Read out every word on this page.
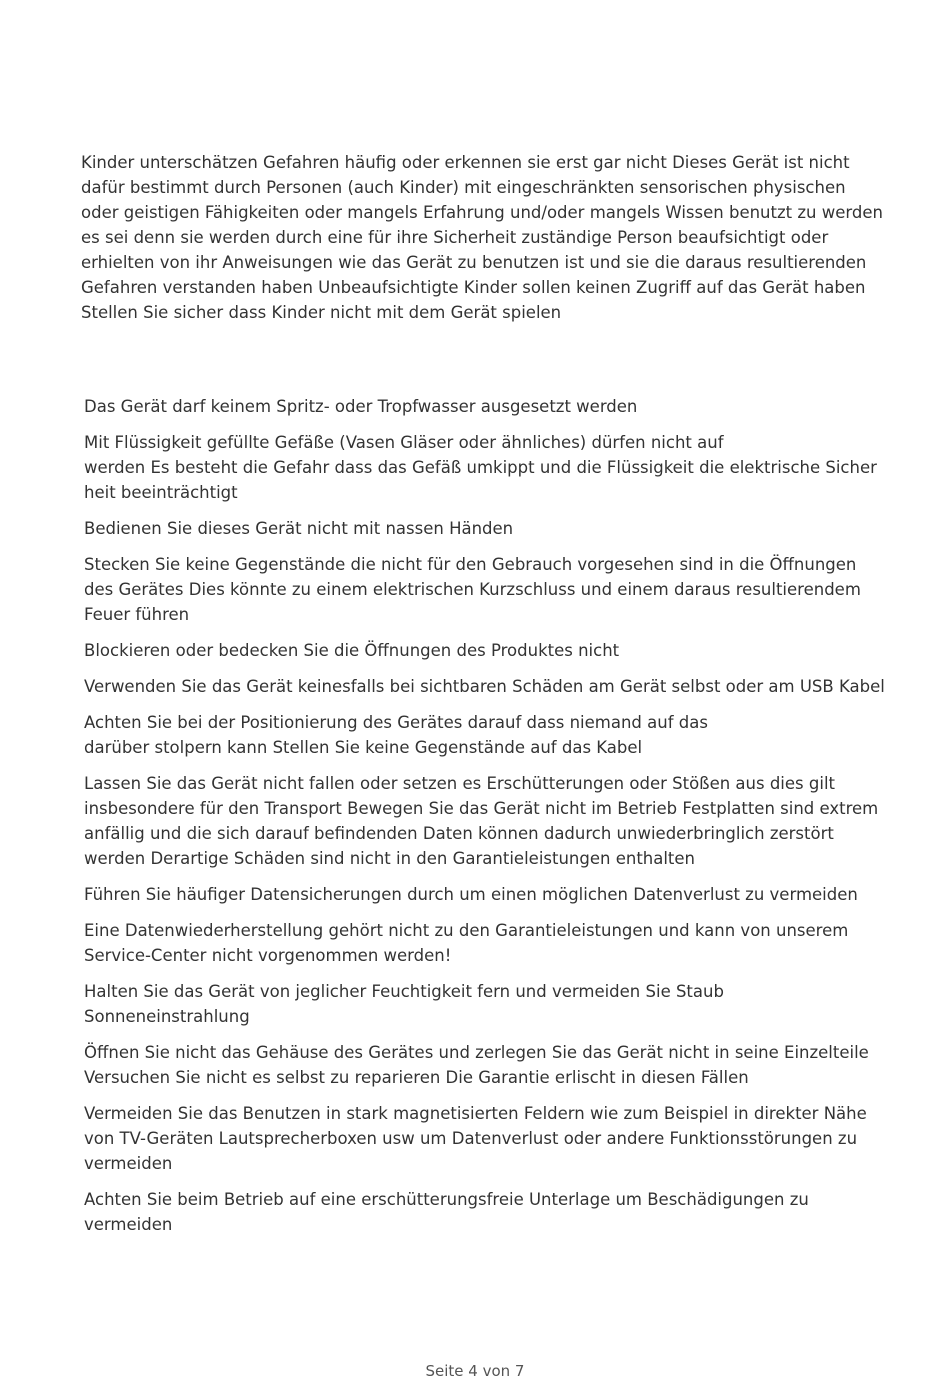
Kinder unterschätzen Gefahren häufig oder erkennen sie erst gar nicht Dieses Gerät ist nicht
dafür bestimmt durch Personen (auch Kinder) mit eingeschränkten sensorischen physischen
oder geistigen Fähigkeiten oder mangels Erfahrung und/oder mangels Wissen benutzt zu werden
es sei denn sie werden durch eine für ihre Sicherheit zuständige Person beaufsichtigt oder
erhielten von ihr Anweisungen wie das Gerät zu benutzen ist und sie die daraus resultierenden
Gefahren verstanden haben Unbeaufsichtigte Kinder sollen keinen Zugriff auf das Gerät haben
Stellen Sie sicher dass Kinder nicht mit dem Gerät spielen
Das Gerät darf keinem Spritz- oder Tropfwasser ausgesetzt werden
Mit Flüssigkeit gefüllte Gefäße (Vasen Gläser oder ähnliches) dürfen nicht auf
werden Es besteht die Gefahr dass das Gefäß umkippt und die Flüssigkeit die elektrische Sicher
heit beeinträchtigt
Bedienen Sie dieses Gerät nicht mit nassen Händen
Stecken Sie keine Gegenstände die nicht für den Gebrauch vorgesehen sind in die Öffnungen
des Gerätes Dies könnte zu einem elektrischen Kurzschluss und einem daraus resultierendem
Feuer führen
Blockieren oder bedecken Sie die Öffnungen des Produktes nicht
Verwenden Sie das Gerät keinesfalls bei sichtbaren Schäden am Gerät selbst oder am USB Kabel
Achten Sie bei der Positionierung des Gerätes darauf dass niemand auf das
darüber stolpern kann Stellen Sie keine Gegenstände auf das Kabel
Lassen Sie das Gerät nicht fallen oder setzen es Erschütterungen oder Stößen aus dies gilt
insbesondere für den Transport Bewegen Sie das Gerät nicht im Betrieb Festplatten sind extrem
anfällig und die sich darauf befindenden Daten können dadurch unwiederbringlich zerstört
werden Derartige Schäden sind nicht in den Garantieleistungen enthalten
Führen Sie häufiger Datensicherungen durch um einen möglichen Datenverlust zu vermeiden
Eine Datenwiederherstellung gehört nicht zu den Garantieleistungen und kann von unserem
Service-Center nicht vorgenommen werden!
Halten Sie das Gerät von jeglicher Feuchtigkeit fern und vermeiden Sie Staub
Sonneneinstrahlung
Öffnen Sie nicht das Gehäuse des Gerätes und zerlegen Sie das Gerät nicht in seine Einzelteile
Versuchen Sie nicht es selbst zu reparieren Die Garantie erlischt in diesen Fällen
Vermeiden Sie das Benutzen in stark magnetisierten Feldern wie zum Beispiel in direkter Nähe
von TV-Geräten Lautsprecherboxen usw um Datenverlust oder andere Funktionsstörungen zu
vermeiden
Achten Sie beim Betrieb auf eine erschütterungsfreie Unterlage um Beschädigungen zu
vermeiden
Seite 4 von 7
